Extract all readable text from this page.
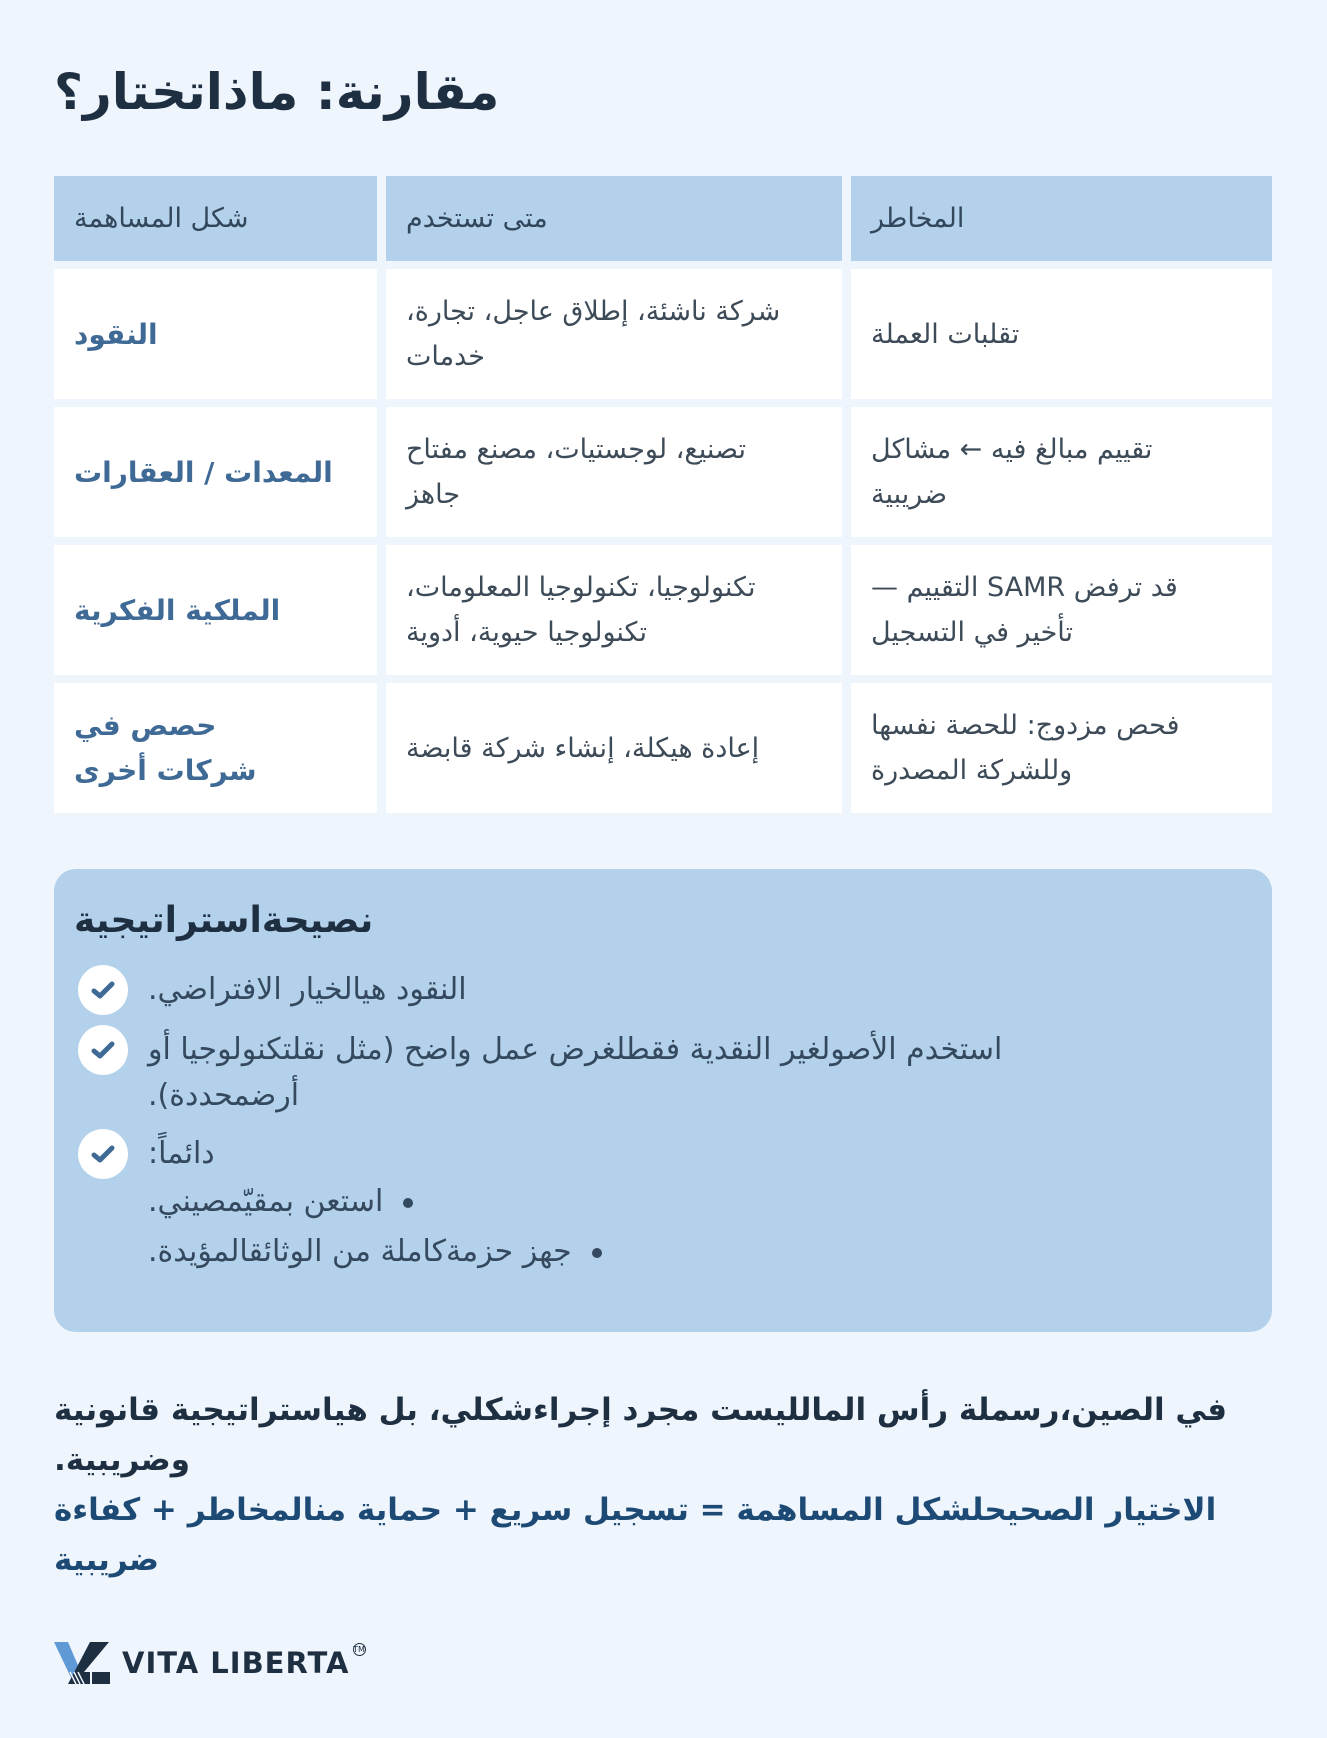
مقارنة: ماذاتختار؟
شكل المساهمة	متى تستخدم	المخاطر
النقود
شركة ناشئة، إطلاق عاجل، تجارة، خدمات
تقلبات العملة
المعدات / العقارات
تصنيع، لوجستيات، مصنع مفتاح جاهز
تقييم مبالغ فيه ← مشاكل ضريبية
الملكية الفكرية
تكنولوجيا، تكنولوجيا المعلومات، تكنولوجيا حيوية، أدوية
قد ترفض SAMR التقييم — تأخير في التسجيل
حصص في شركات أخرى
إعادة هيكلة، إنشاء شركة قابضة
فحص مزدوج: للحصة نفسها وللشركة المصدرة
نصيحةاستراتيجية
النقود هيالخيار الافتراضي.
استخدم الأصولغير النقدية فقطلغرض عمل واضح (مثل نقلتكنولوجيا أو أرضمحددة).
دائماً:
استعن بمقيّمصيني.
جهز حزمةكاملة من الوثائقالمؤيدة.
في الصين،رسملة رأس المالليست مجرد إجراءشكلي، بل هياستراتيجية قانونية وضريبية.
الاختيار الصحيحلشكل المساهمة = تسجيل سريع + حماية منالمخاطر + كفاءة ضريبية
VITA LIBERTA TM
